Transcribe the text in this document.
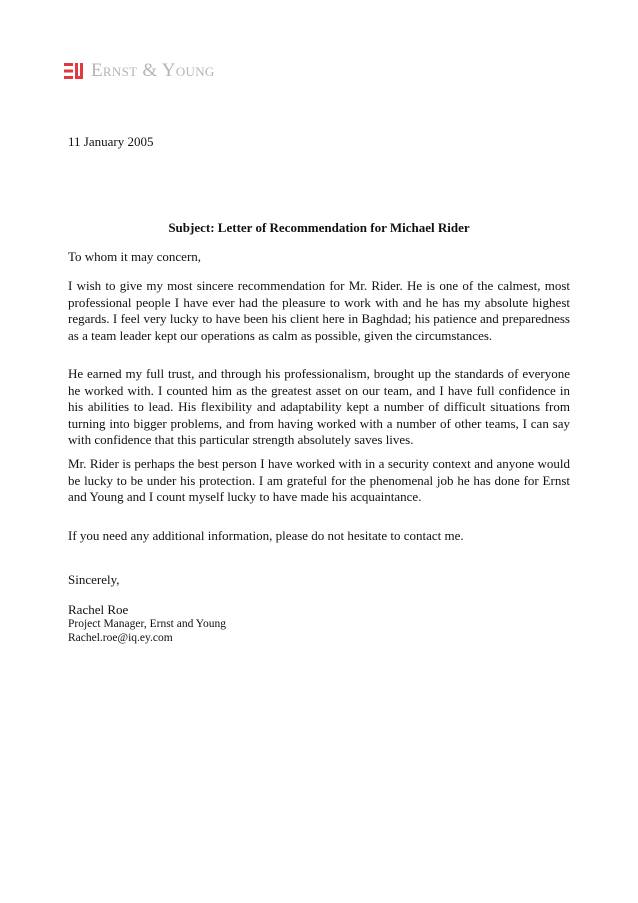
Ernst & Young
11 January 2005
Subject: Letter of Recommendation for Michael Rider
To whom it may concern,

I wish to give my most sincere recommendation for Mr. Rider. He is one of the calmest, most professional people I have ever had the pleasure to work with and he has my absolute highest regards. I feel very lucky to have been his client here in Baghdad; his patience and preparedness as a team leader kept our operations as calm as possible, given the circumstances.

He earned my full trust, and through his professionalism, brought up the standards of everyone he worked with. I counted him as the greatest asset on our team, and I have full confidence in his abilities to lead. His flexibility and adaptability kept a number of difficult situations from turning into bigger problems, and from having worked with a number of other teams, I can say with confidence that this particular strength absolutely saves lives.

Mr. Rider is perhaps the best person I have worked with in a security context and anyone would be lucky to be under his protection. I am grateful for the phenomenal job he has done for Ernst and Young and I count myself lucky to have made his acquaintance.

If you need any additional information, please do not hesitate to contact me.
Sincerely,
Rachel Roe
Project Manager, Ernst and Young
Rachel.roe@iq.ey.com
